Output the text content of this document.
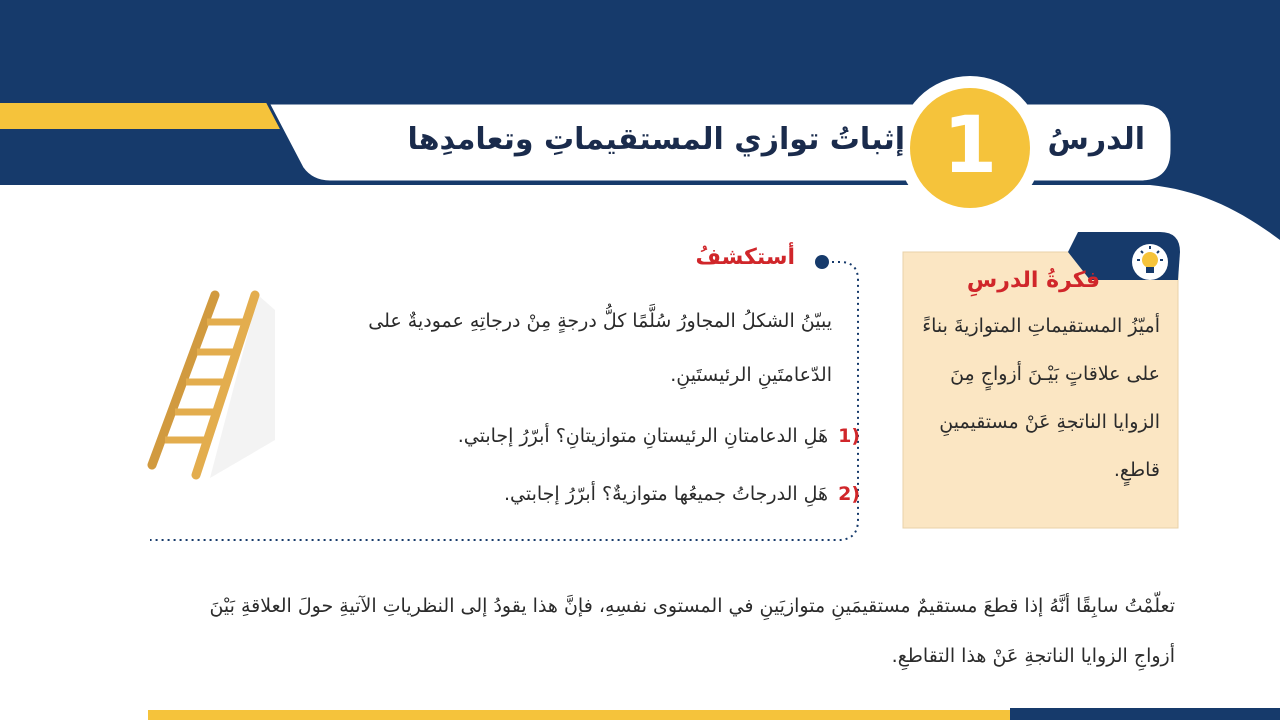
الدرسُ
1
إثباتُ توازي المستقيماتِ وتعامدِها
أستكشفُ
يبيّنُ الشكلُ المجاورُ سُلَّمًا كلُّ درجةٍ مِنْ درجاتِهِ عموديةٌ على
الدّعامتَينِ الرئيستَينِ.
1)هَلِ الدعامتانِ الرئيستانِ متوازيتانِ؟ أبرّرُ إجابتي.
2)هَلِ الدرجاتُ جميعُها متوازيةٌ؟ أبرّرُ إجابتي.
فكرةُ الدرسِ
أميّزُ المستقيماتِ المتوازيةَ بناءً
على علاقاتٍ بَيْـنَ أزواجٍ مِنَ
الزوايا الناتجةِ عَنْ مستقيمينِ
قاطعٍ.
تعلّمْتُ سابِقًا أنَّهُ إذا قطعَ مستقيمٌ مستقيمَينِ متوازيَينِ في المستوى نفسِهِ، فإنَّ هذا يقودُ إلى النظرياتِ الآتيةِ حولَ العلاقةِ بَيْنَ
أزواجِ الزوايا الناتجةِ عَنْ هذا التقاطعِ.
